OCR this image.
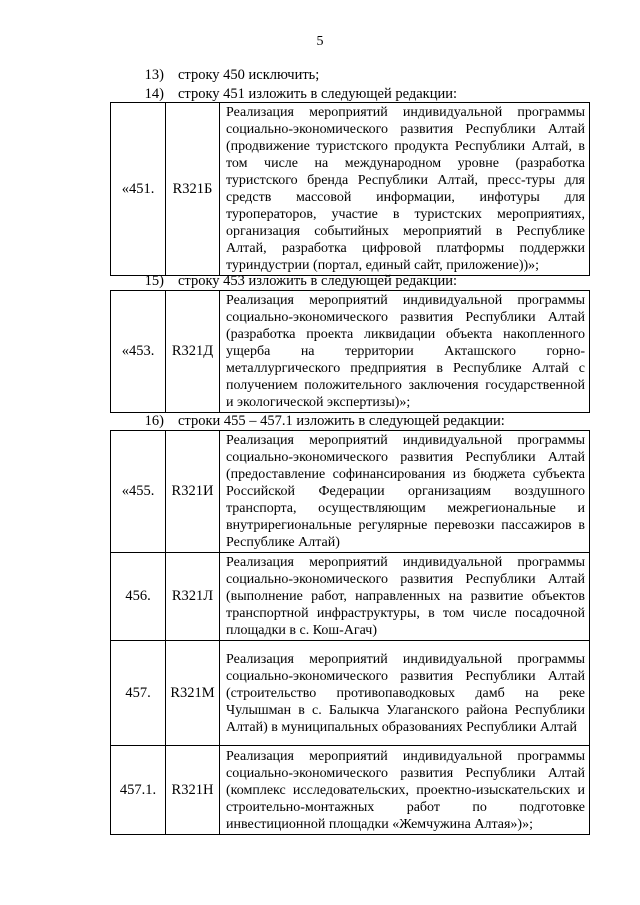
5
13) строку 450 исключить;
14) строку 451 изложить в следующей редакции:
«451.	R321Б	Реализация мероприятий индивидуальной программы социально-экономического развития Республики Алтай (продвижение туристского продукта Республики Алтай, в том числе на международном уровне (разработка туристского бренда Республики Алтай, пресс-туры для средств массовой информации, инфотуры для туроператоров, участие в туристских мероприятиях, организация событийных мероприятий в Республике Алтай, разработка цифровой платформы поддержки туриндустрии (портал, единый сайт, приложение))»;
15) строку 453 изложить в следующей редакции:
«453.	R321Д	Реализация мероприятий индивидуальной программы социально-экономического развития Республики Алтай (разработка проекта ликвидации объекта накопленного ущерба на территории Акташского горно-металлургического предприятия в Республике Алтай с получением положительного заключения государственной и экологической экспертизы)»;
16) строки 455 – 457.1 изложить в следующей редакции:
«455.	R321И	Реализация мероприятий индивидуальной программы социально-экономического развития Республики Алтай (предоставление софинансирования из бюджета субъекта Российской Федерации организациям воздушного транспорта, осуществляющим межрегиональные и внутрирегиональные регулярные перевозки пассажиров в Республике Алтай)
456.	R321Л	Реализация мероприятий индивидуальной программы социально-экономического развития Республики Алтай (выполнение работ, направленных на развитие объектов транспортной инфраструктуры, в том числе посадочной площадки в с. Кош-Агач)
457.	R321М	Реализация мероприятий индивидуальной программы социально-экономического развития Республики Алтай (строительство противопаводковых дамб на реке Чулышман в с. Балыкча Улаганского района Республики Алтай) в муниципальных образованиях Республики Алтай
457.1.	R321Н	Реализация мероприятий индивидуальной программы социально-экономического развития Республики Алтай (комплекс исследовательских, проектно-изыскательских и строительно-монтажных работ по подготовке инвестиционной площадки «Жемчужина Алтая»)»;
